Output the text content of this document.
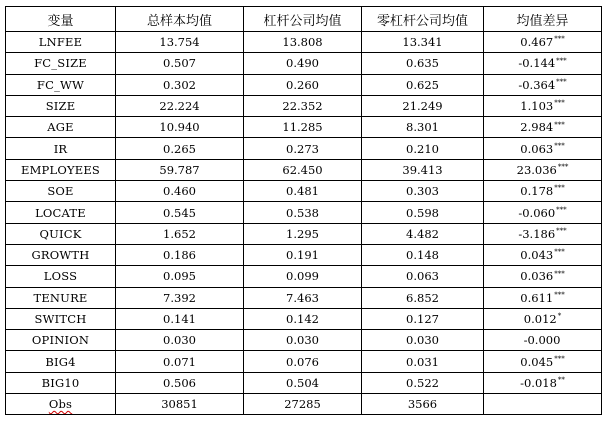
变量	总样本均值	杠杆公司均值	零杠杆公司均值	均值差异
LNFEE	13.754	13.808	13.341	0.467***
FC_SIZE	0.507	0.490	0.635	-0.144***
FC_WW	0.302	0.260	0.625	-0.364***
SIZE	22.224	22.352	21.249	1.103***
AGE	10.940	11.285	8.301	2.984***
IR	0.265	0.273	0.210	0.063***
EMPLOYEES	59.787	62.450	39.413	23.036***
SOE	0.460	0.481	0.303	0.178***
LOCATE	0.545	0.538	0.598	-0.060***
QUICK	1.652	1.295	4.482	-3.186***
GROWTH	0.186	0.191	0.148	0.043***
LOSS	0.095	0.099	0.063	0.036***
TENURE	7.392	7.463	6.852	0.611***
SWITCH	0.141	0.142	0.127	0.012*
OPINION	0.030	0.030	0.030	-0.000
BIG4	0.071	0.076	0.031	0.045***
BIG10	0.506	0.504	0.522	-0.018**
Obs	30851	27285	3566	
